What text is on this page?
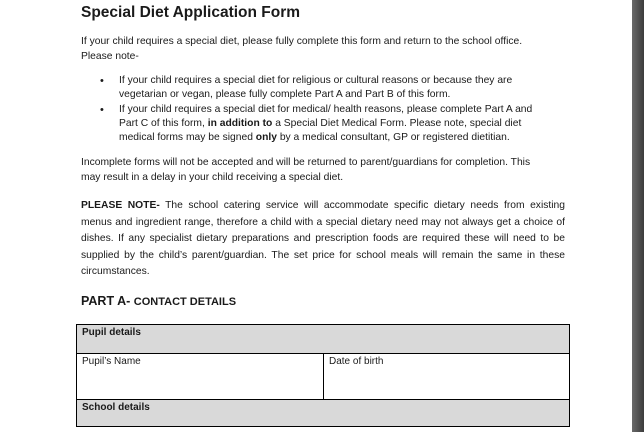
Special Diet Application Form
If your child requires a special diet, please fully complete this form and return to the school office.
Please note-
• If your child requires a special diet for religious or cultural reasons or because they are
vegetarian or vegan, please fully complete Part A and Part B of this form.
• If your child requires a special diet for medical/ health reasons, please complete Part A and
Part C of this form, in addition to a Special Diet Medical Form. Please note, special diet
medical forms may be signed only by a medical consultant, GP or registered dietitian.
Incomplete forms will not be accepted and will be returned to parent/guardians for completion. This
may result in a delay in your child receiving a special diet.
PLEASE NOTE- The school catering service will accommodate specific dietary needs from existing menus and ingredient range, therefore a child with a special dietary need may not always get a choice of dishes. If any specialist dietary preparations and prescription foods are required these will need to be supplied by the child’s parent/guardian. The set price for school meals will remain the same in these circumstances.
PART A- CONTACT DETAILS
Pupil details
Pupil’s Name	Date of birth
School details
